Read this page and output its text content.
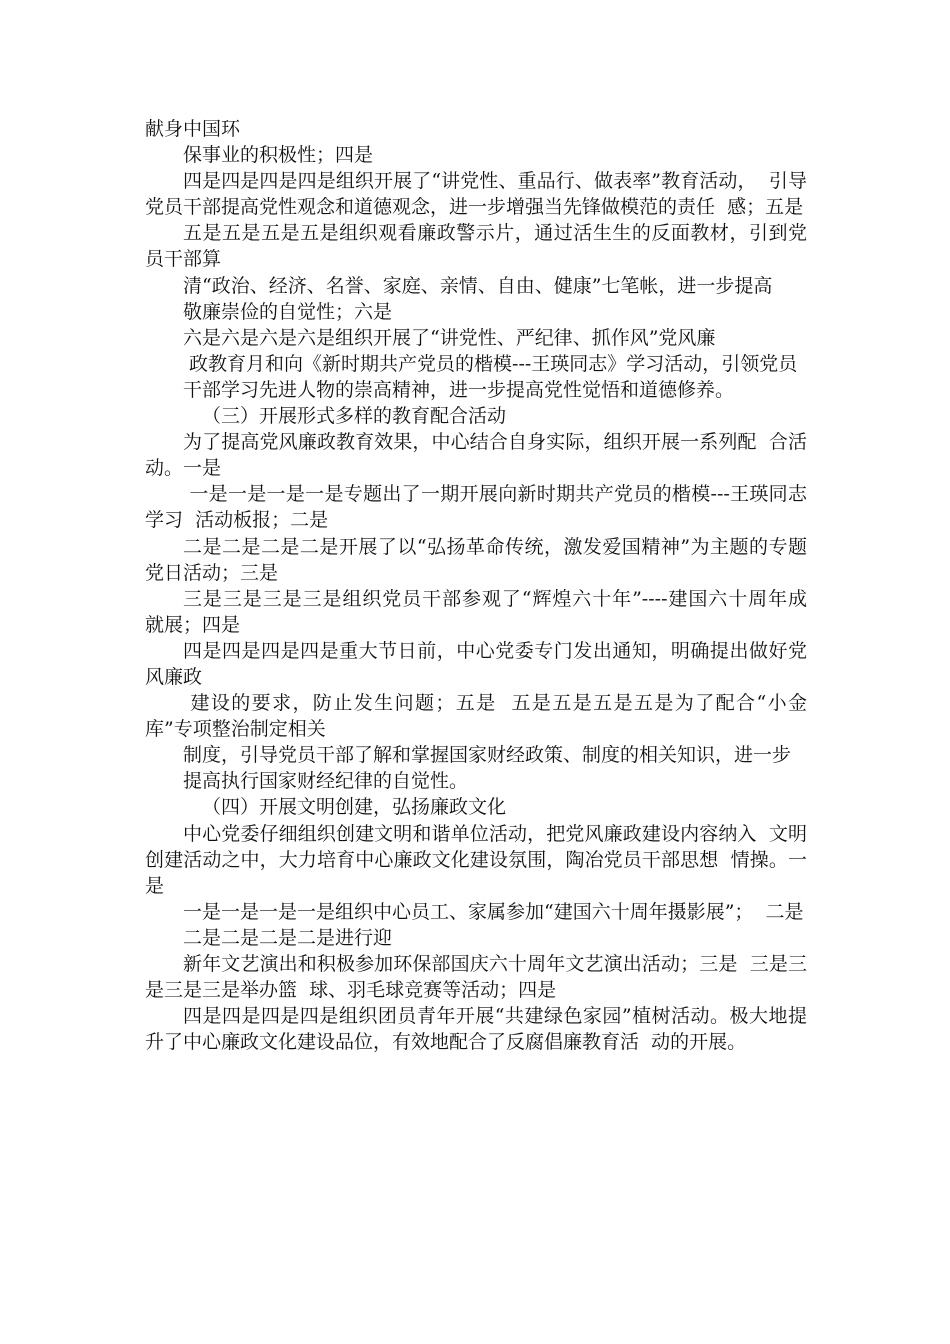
献身中国环

保事业的积极性；四是

四是四是四是四是组织开展了“讲党性、重品行、做表率”教育活动，  引导党员干部提高党性观念和道德观念，进一步增强当先锋做模范的责任  感；五是

五是五是五是五是组织观看廉政警示片，通过活生生的反面教材，引到党员干部算

清“政治、经济、名誉、家庭、亲情、自由、健康”七笔帐，进一步提高

敬廉崇俭的自觉性；六是

六是六是六是六是组织开展了“讲党性、严纪律、抓作风”党风廉

政教育月和向《新时期共产党员的楷模---王瑛同志》学习活动，引领党员

干部学习先进人物的崇高精神，进一步提高党性觉悟和道德修养。

（三）开展形式多样的教育配合活动

为了提高党风廉政教育效果，中心结合自身实际，组织开展一系列配  合活动。一是

一是一是一是一是专题出了一期开展向新时期共产党员的楷模---王瑛同志学习  活动板报；二是

二是二是二是二是开展了以“弘扬革命传统，激发爱国精神”为主题的专题  党日活动；三是

三是三是三是三是组织党员干部参观了“辉煌六十年”----建国六十周年成  就展；四是

四是四是四是四是重大节日前，中心党委专门发出通知，明确提出做好党风廉政

建设的要求，防止发生问题；五是  五是五是五是五是为了配合“小金库”专项整治制定相关

制度，引导党员干部了解和掌握国家财经政策、制度的相关知识，进一步

提高执行国家财经纪律的自觉性。

（四）开展文明创建，弘扬廉政文化

中心党委仔细组织创建文明和谐单位活动，把党风廉政建设内容纳入  文明创建活动之中，大力培育中心廉政文化建设氛围，陶冶党员干部思想  情操。一是

一是一是一是一是组织中心员工、家属参加“建国六十周年摄影展”；  二是

二是二是二是二是进行迎

新年文艺演出和积极参加环保部国庆六十周年文艺演出活动；三是  三是三是三是三是举办篮  球、羽毛球竞赛等活动；四是

四是四是四是四是组织团员青年开展“共建绿色家园”植树活动。极大地提升了中心廉政文化建设品位，有效地配合了反腐倡廉教育活  动的开展。
